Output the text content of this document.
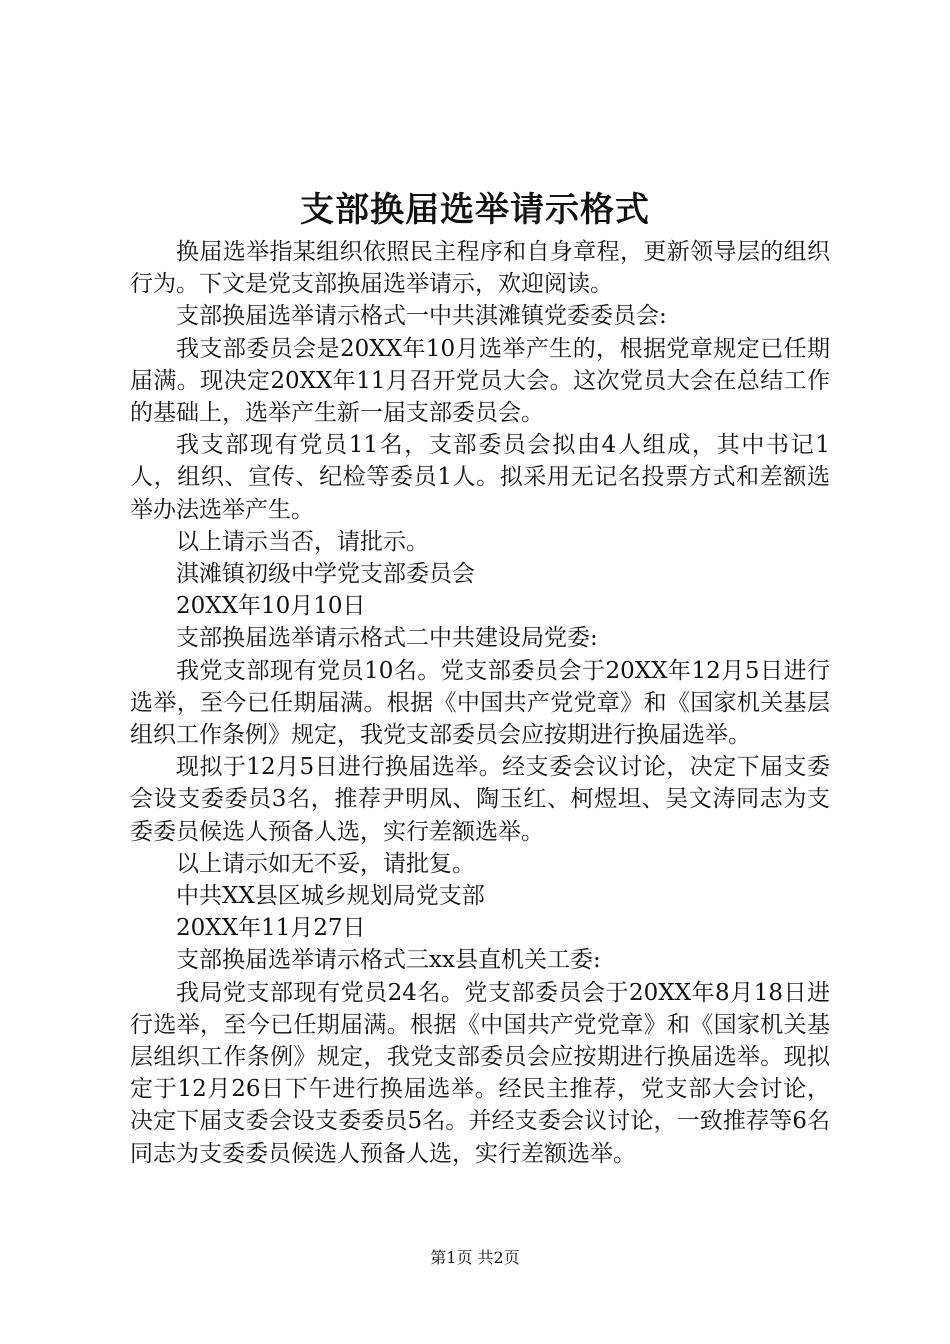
支部换届选举请示格式

换届选举指某组织依照民主程序和自身章程，更新领导层的组织行为。下文是党支部换届选举请示，欢迎阅读。

支部换届选举请示格式一中共淇滩镇党委委员会:

我支部委员会是20XX年10月选举产生的，根据党章规定已任期届满。现决定20XX年11月召开党员大会。这次党员大会在总结工作的基础上，选举产生新一届支部委员会。

我支部现有党员11名，支部委员会拟由4人组成，其中书记1人，组织、宣传、纪检等委员1人。拟采用无记名投票方式和差额选举办法选举产生。

以上请示当否，请批示。

淇滩镇初级中学党支部委员会

20XX年10月10日

支部换届选举请示格式二中共建设局党委:

我党支部现有党员10名。党支部委员会于20XX年12月5日进行选举，至今已任期届满。根据《中国共产党党章》和《国家机关基层组织工作条例》规定，我党支部委员会应按期进行换届选举。

现拟于12月5日进行换届选举。经支委会议讨论，决定下届支委会设支委委员3名，推荐尹明凤、陶玉红、柯煜坦、吴文涛同志为支委委员候选人预备人选，实行差额选举。

以上请示如无不妥，请批复。

中共XX县区城乡规划局党支部

20XX年11月27日

支部换届选举请示格式三xx县直机关工委:

我局党支部现有党员24名。党支部委员会于20XX年8月18日进行选举，至今已任期届满。根据《中国共产党党章》和《国家机关基层组织工作条例》规定，我党支部委员会应按期进行换届选举。现拟定于12月26日下午进行换届选举。经民主推荐，党支部大会讨论，决定下届支委会设支委委员5名。并经支委会议讨论，一致推荐等6名同志为支委委员候选人预备人选，实行差额选举。

第1页 共2页
